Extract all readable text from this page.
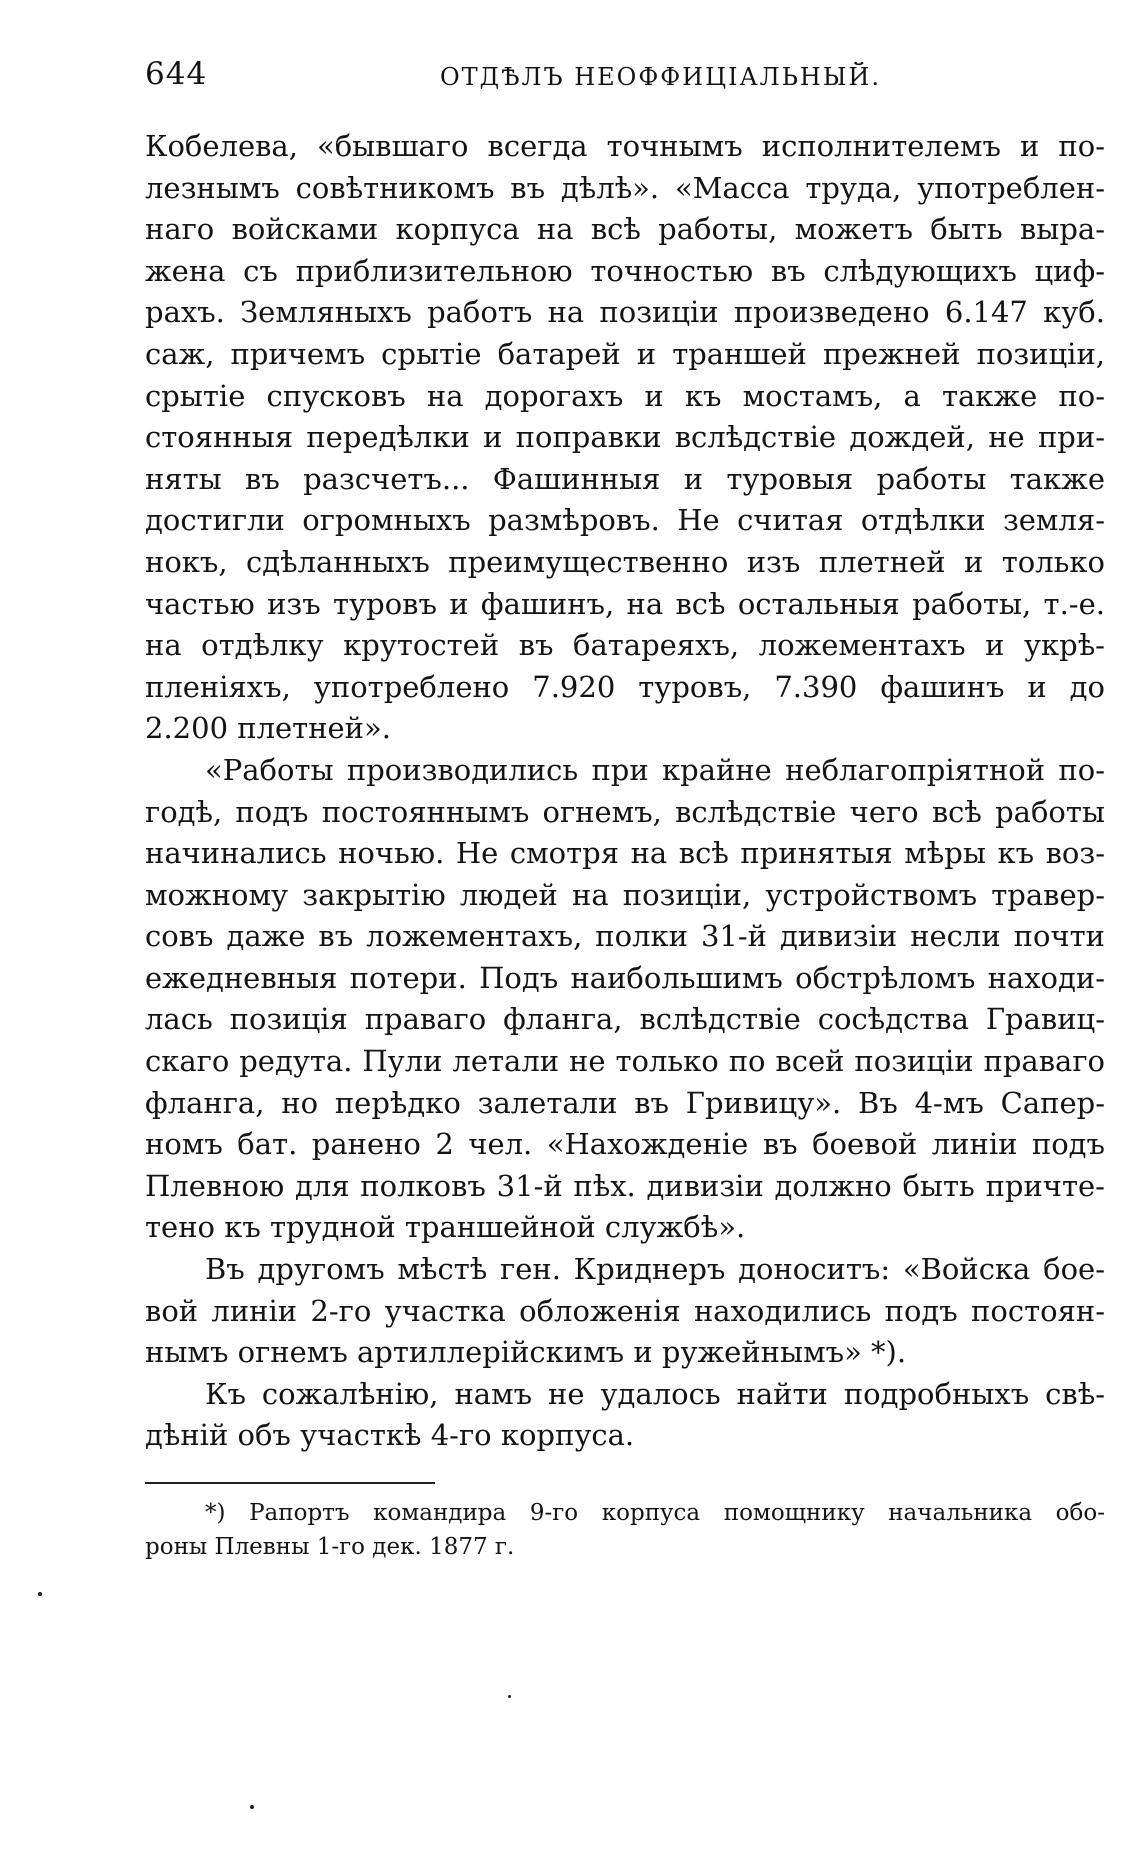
644	ОТДѢЛЪ НЕОФФИЦІАЛЬНЫЙ.
Кобелева, «бывшаго всегда точнымъ исполнителемъ и по-
лезнымъ совѣтникомъ въ дѣлѣ». «Масса труда, употреблен-
наго войсками корпуса на всѣ работы, можетъ быть выра-
жена съ приблизительною точностью въ слѣдующихъ циф-
рахъ. Земляныхъ работъ на позиціи произведено 6.147 куб.
саж, причемъ срытіе батарей и траншей прежней позиціи,
срытіе спусковъ на дорогахъ и къ мостамъ, а также по-
стоянныя передѣлки и поправки вслѣдствіе дождей, не при-
няты въ разсчетъ... Фашинныя и туровыя работы также
достигли огромныхъ размѣровъ. Не считая отдѣлки земля-
нокъ, сдѣланныхъ преимущественно изъ плетней и только
частью изъ туровъ и фашинъ, на всѣ остальныя работы, т.-е.
на отдѣлку крутостей въ батареяхъ, ложементахъ и укрѣ-
пленіяхъ, употреблено 7.920 туровъ, 7.390 фашинъ и до
2.200 плетней».
«Работы производились при крайне неблагопріятной по-
годѣ, подъ постояннымъ огнемъ, вслѣдствіе чего всѣ работы
начинались ночью. Не смотря на всѣ принятыя мѣры къ воз-
можному закрытію людей на позиціи, устройствомъ травер-
совъ даже въ ложементахъ, полки 31-й дивизіи несли почти
ежедневныя потери. Подъ наибольшимъ обстрѣломъ находи-
лась позиція праваго фланга, вслѣдствіе сосѣдства Гравиц-
скаго редута. Пули летали не только по всей позиціи праваго
фланга, но перѣдко залетали въ Гривицу». Въ 4-мъ Сапер-
номъ бат. ранено 2 чел. «Нахожденіе въ боевой линіи подъ
Плевною для полковъ 31-й пѣх. дивизіи должно быть причте-
тено къ трудной траншейной службѣ».
Въ другомъ мѣстѣ ген. Криднеръ доноситъ: «Войска бое-
вой линіи 2-го участка обложенія находились подъ постоян-
нымъ огнемъ артиллерійскимъ и ружейнымъ» *).
Къ сожалѣнію, намъ не удалось найти подробныхъ свѣ-
дѣній объ участкѣ 4-го корпуса.
*) Рапортъ командира 9-го корпуса помощнику начальника обо-
роны Плевны 1-го дек. 1877 г.
